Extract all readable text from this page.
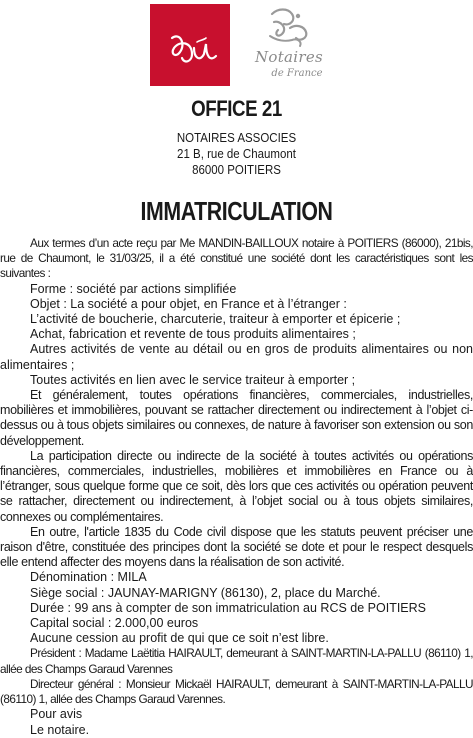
Notaires
de France
OFFICE 21
NOTAIRES ASSOCIES
21 B, rue de Chaumont
86000 POITIERS
IMMATRICULATION

Aux termes d’un acte reçu par Me MANDIN-BAILLOUX notaire à POITIERS (86000), 21bis, rue de Chaumont, le 31/03/25, il a été constitué une société dont les caractéristiques sont les suivantes :

Forme : société par actions simplifiée

Objet : La société a pour objet, en France et à l’étranger :

L’activité de boucherie, charcuterie, traiteur à emporter et épicerie ;

Achat, fabrication et revente de tous produits alimentaires ;

Autres activités de vente au détail ou en gros de produits alimentaires ou non alimentaires ;

Toutes activités en lien avec le service traiteur à emporter ;

Et généralement, toutes opérations financières, commerciales, industrielles, mobilières et immobilières, pouvant se rattacher directement ou indirectement à l’objet ci-dessus ou à tous objets similaires ou connexes, de nature à favoriser son extension ou son développement.

La participation directe ou indirecte de la société à toutes activités ou opérations financières, commerciales, industrielles, mobilières et immobilières en France ou à l’étranger, sous quelque forme que ce soit, dès lors que ces activités ou opération peuvent se rattacher, directement ou indirectement, à l’objet social ou à tous objets similaires, connexes ou complémentaires.

En outre, l'article 1835 du Code civil dispose que les statuts peuvent préciser une raison d'être, constituée des principes dont la société se dote et pour le respect desquels elle entend affecter des moyens dans la réalisation de son activité.

Dénomination : MILA

Siège social : JAUNAY-MARIGNY (86130), 2, place du Marché.

Durée : 99 ans à compter de son immatriculation au RCS de POITIERS

Capital social : 2.000,00 euros

Aucune cession au profit de qui que ce soit n’est libre.

Président : Madame Laëtitia HAIRAULT, demeurant à SAINT-MARTIN-LA-PALLU (86110) 1, allée des Champs Garaud Varennes

Directeur général : Monsieur Mickaël HAIRAULT, demeurant à SAINT-MARTIN-LA-PALLU (86110) 1, allée des Champs Garaud Varennes.

Pour avis

Le notaire.
